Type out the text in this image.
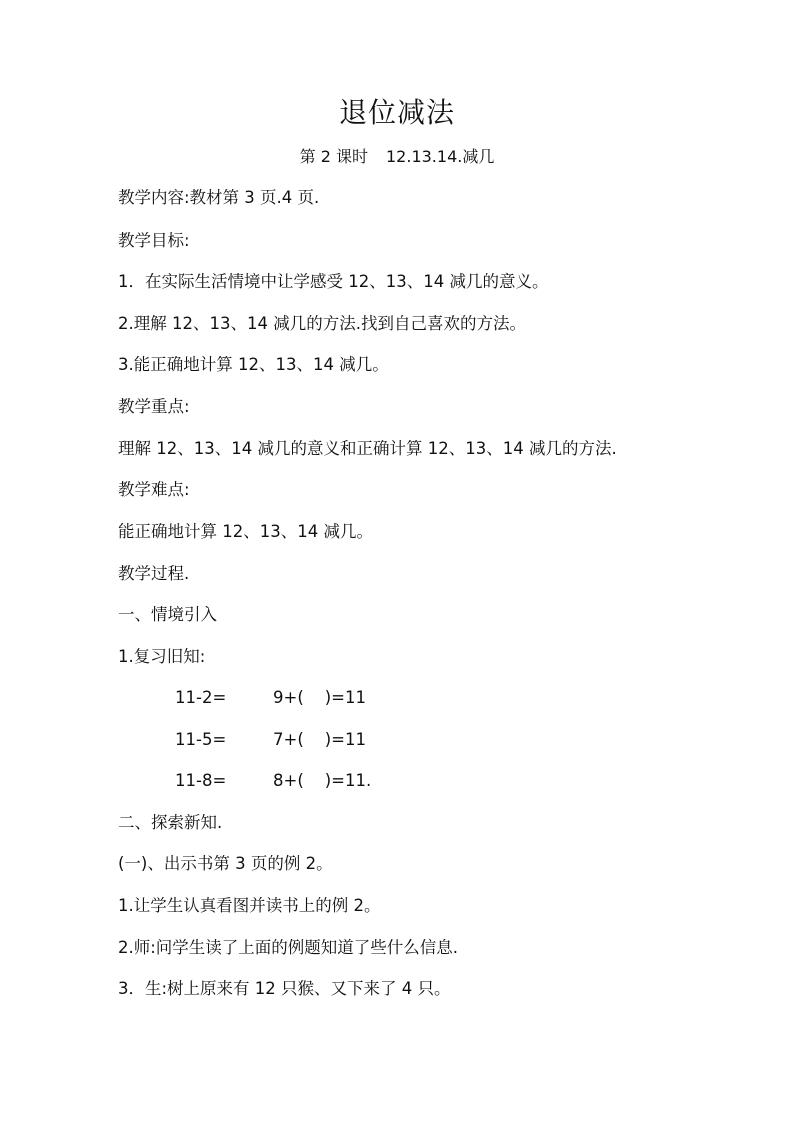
退位减法
第 2 课时 12.13.14.减几
教学内容:教材第 3 页.4 页.
教学目标:
1．在实际生活情境中让学感受 12、13、14 减几的意义。
2.理解 12、13、14 减几的方法.找到自己喜欢的方法。
3.能正确地计算 12、13、14 减几。
教学重点:
理解 12、13、14 减几的意义和正确计算 12、13、14 减几的方法.
教学难点:
能正确地计算 12、13、14 减几。
教学过程.
一、情境引入
1.复习旧知:
11-2=	9+(    )=11
11-5=	7+(    )=11
11-8=	8+(    )=11.
二、探索新知.
(一)、出示书第 3 页的例 2。
1.让学生认真看图并读书上的例 2。
2.师:问学生读了上面的例题知道了些什么信息.
3．生:树上原来有 12 只猴、又下来了 4 只。
